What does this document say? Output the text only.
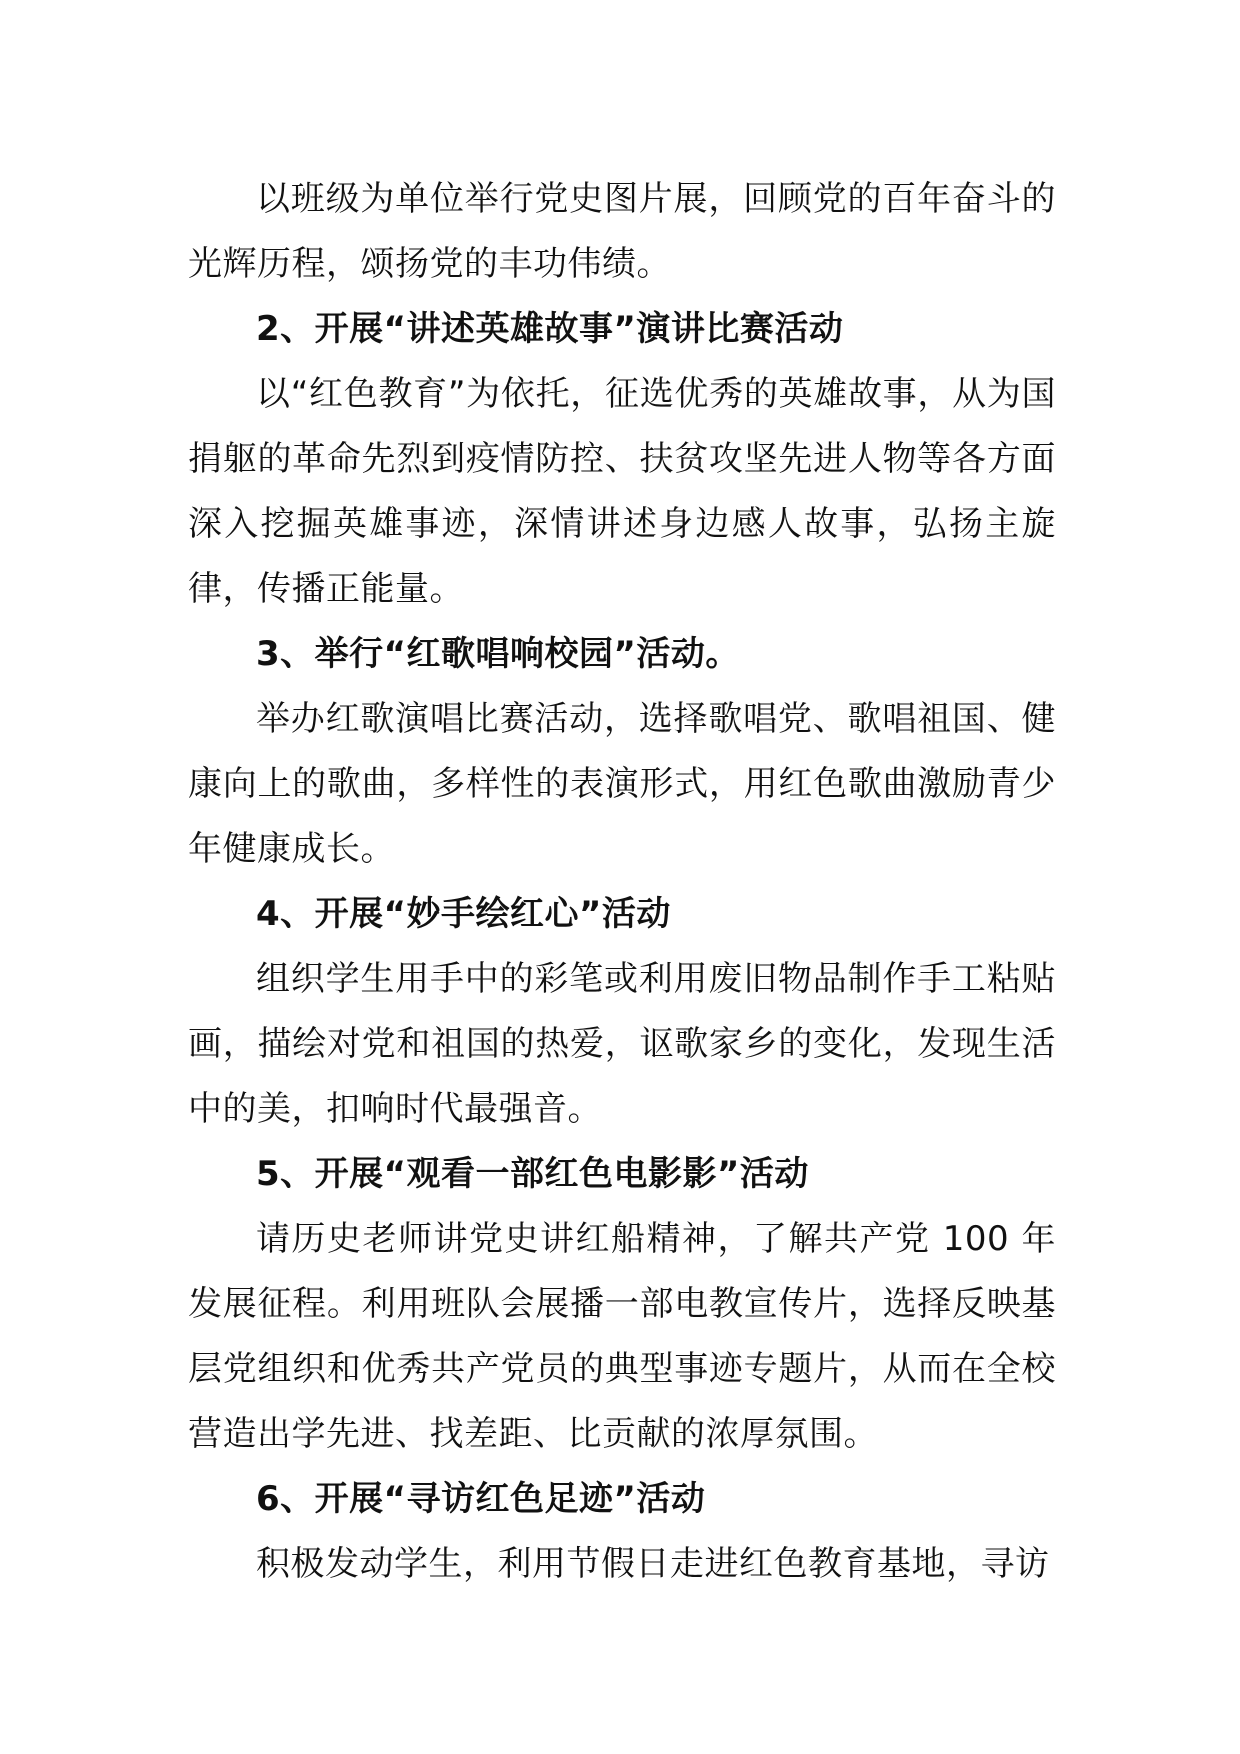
以班级为单位举行党史图片展，回顾党的百年奋斗的光辉历程，颂扬党的丰功伟绩。

2、开展“讲述英雄故事”演讲比赛活动

以“红色教育”为依托，征选优秀的英雄故事，从为国捐躯的革命先烈到疫情防控、扶贫攻坚先进人物等各方面深入挖掘英雄事迹，深情讲述身边感人故事，弘扬主旋律，传播正能量。

3、举行“红歌唱响校园”活动。

举办红歌演唱比赛活动，选择歌唱党、歌唱祖国、健康向上的歌曲，多样性的表演形式，用红色歌曲激励青少年健康成长。

4、开展“妙手绘红心”活动

组织学生用手中的彩笔或利用废旧物品制作手工粘贴画，描绘对党和祖国的热爱，讴歌家乡的变化，发现生活中的美，扣响时代最强音。

5、开展“观看一部红色电影影”活动

请历史老师讲党史讲红船精神，了解共产党 100 年发展征程。利用班队会展播一部电教宣传片，选择反映基层党组织和优秀共产党员的典型事迹专题片，从而在全校营造出学先进、找差距、比贡献的浓厚氛围。

6、开展“寻访红色足迹”活动

积极发动学生，利用节假日走进红色教育基地，寻访
